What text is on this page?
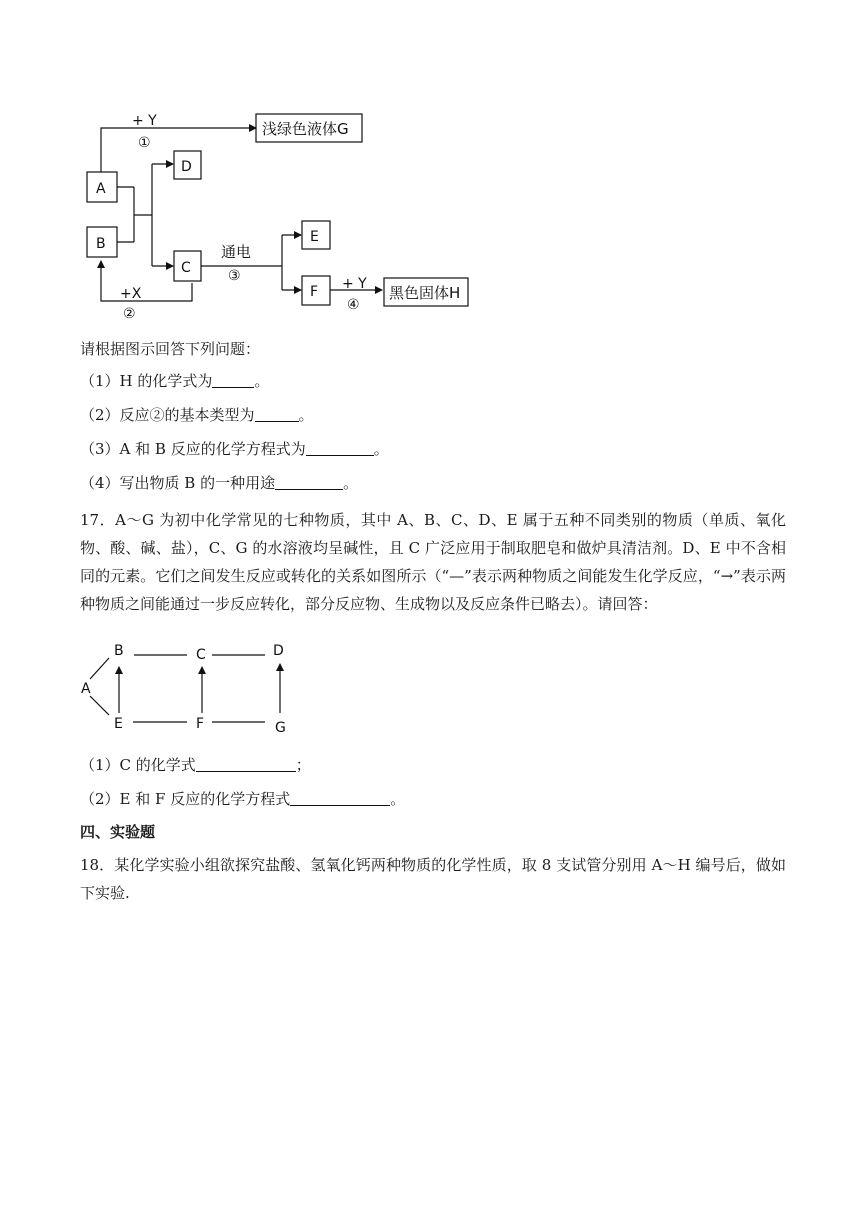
+ Y
①
浅绿色液体G
A
B
C
D
E
F
通电
③
+X
②
+ Y
④
黑色固体H
请根据图示回答下列问题：
（1）H 的化学式为	。
（2）反应②的基本类型为	。
（3）A 和 B 反应的化学方程式为	。
（4）写出物质 B 的一种用途	。
17．A～G 为初中化学常见的七种物质，其中 A、B、C、D、E 属于五种不同类别的物质（单质、氧化物、酸、碱、盐），C、G 的水溶液均呈碱性，且 C 广泛应用于制取肥皂和做炉具清洁剂。D、E 中不含相同的元素。它们之间发生反应或转化的关系如图所示（“—”表示两种物质之间能发生化学反应，“→”表示两种物质之间能通过一步反应转化，部分反应物、生成物以及反应条件已略去）。请回答：
A
B	C	D
E	F	G
（1）C 的化学式	；
（2）E 和 F 反应的化学方程式	。
四、实验题
18．某化学实验小组欲探究盐酸、氢氧化钙两种物质的化学性质，取 8 支试管分别用 A～H 编号后，做如下实验.
